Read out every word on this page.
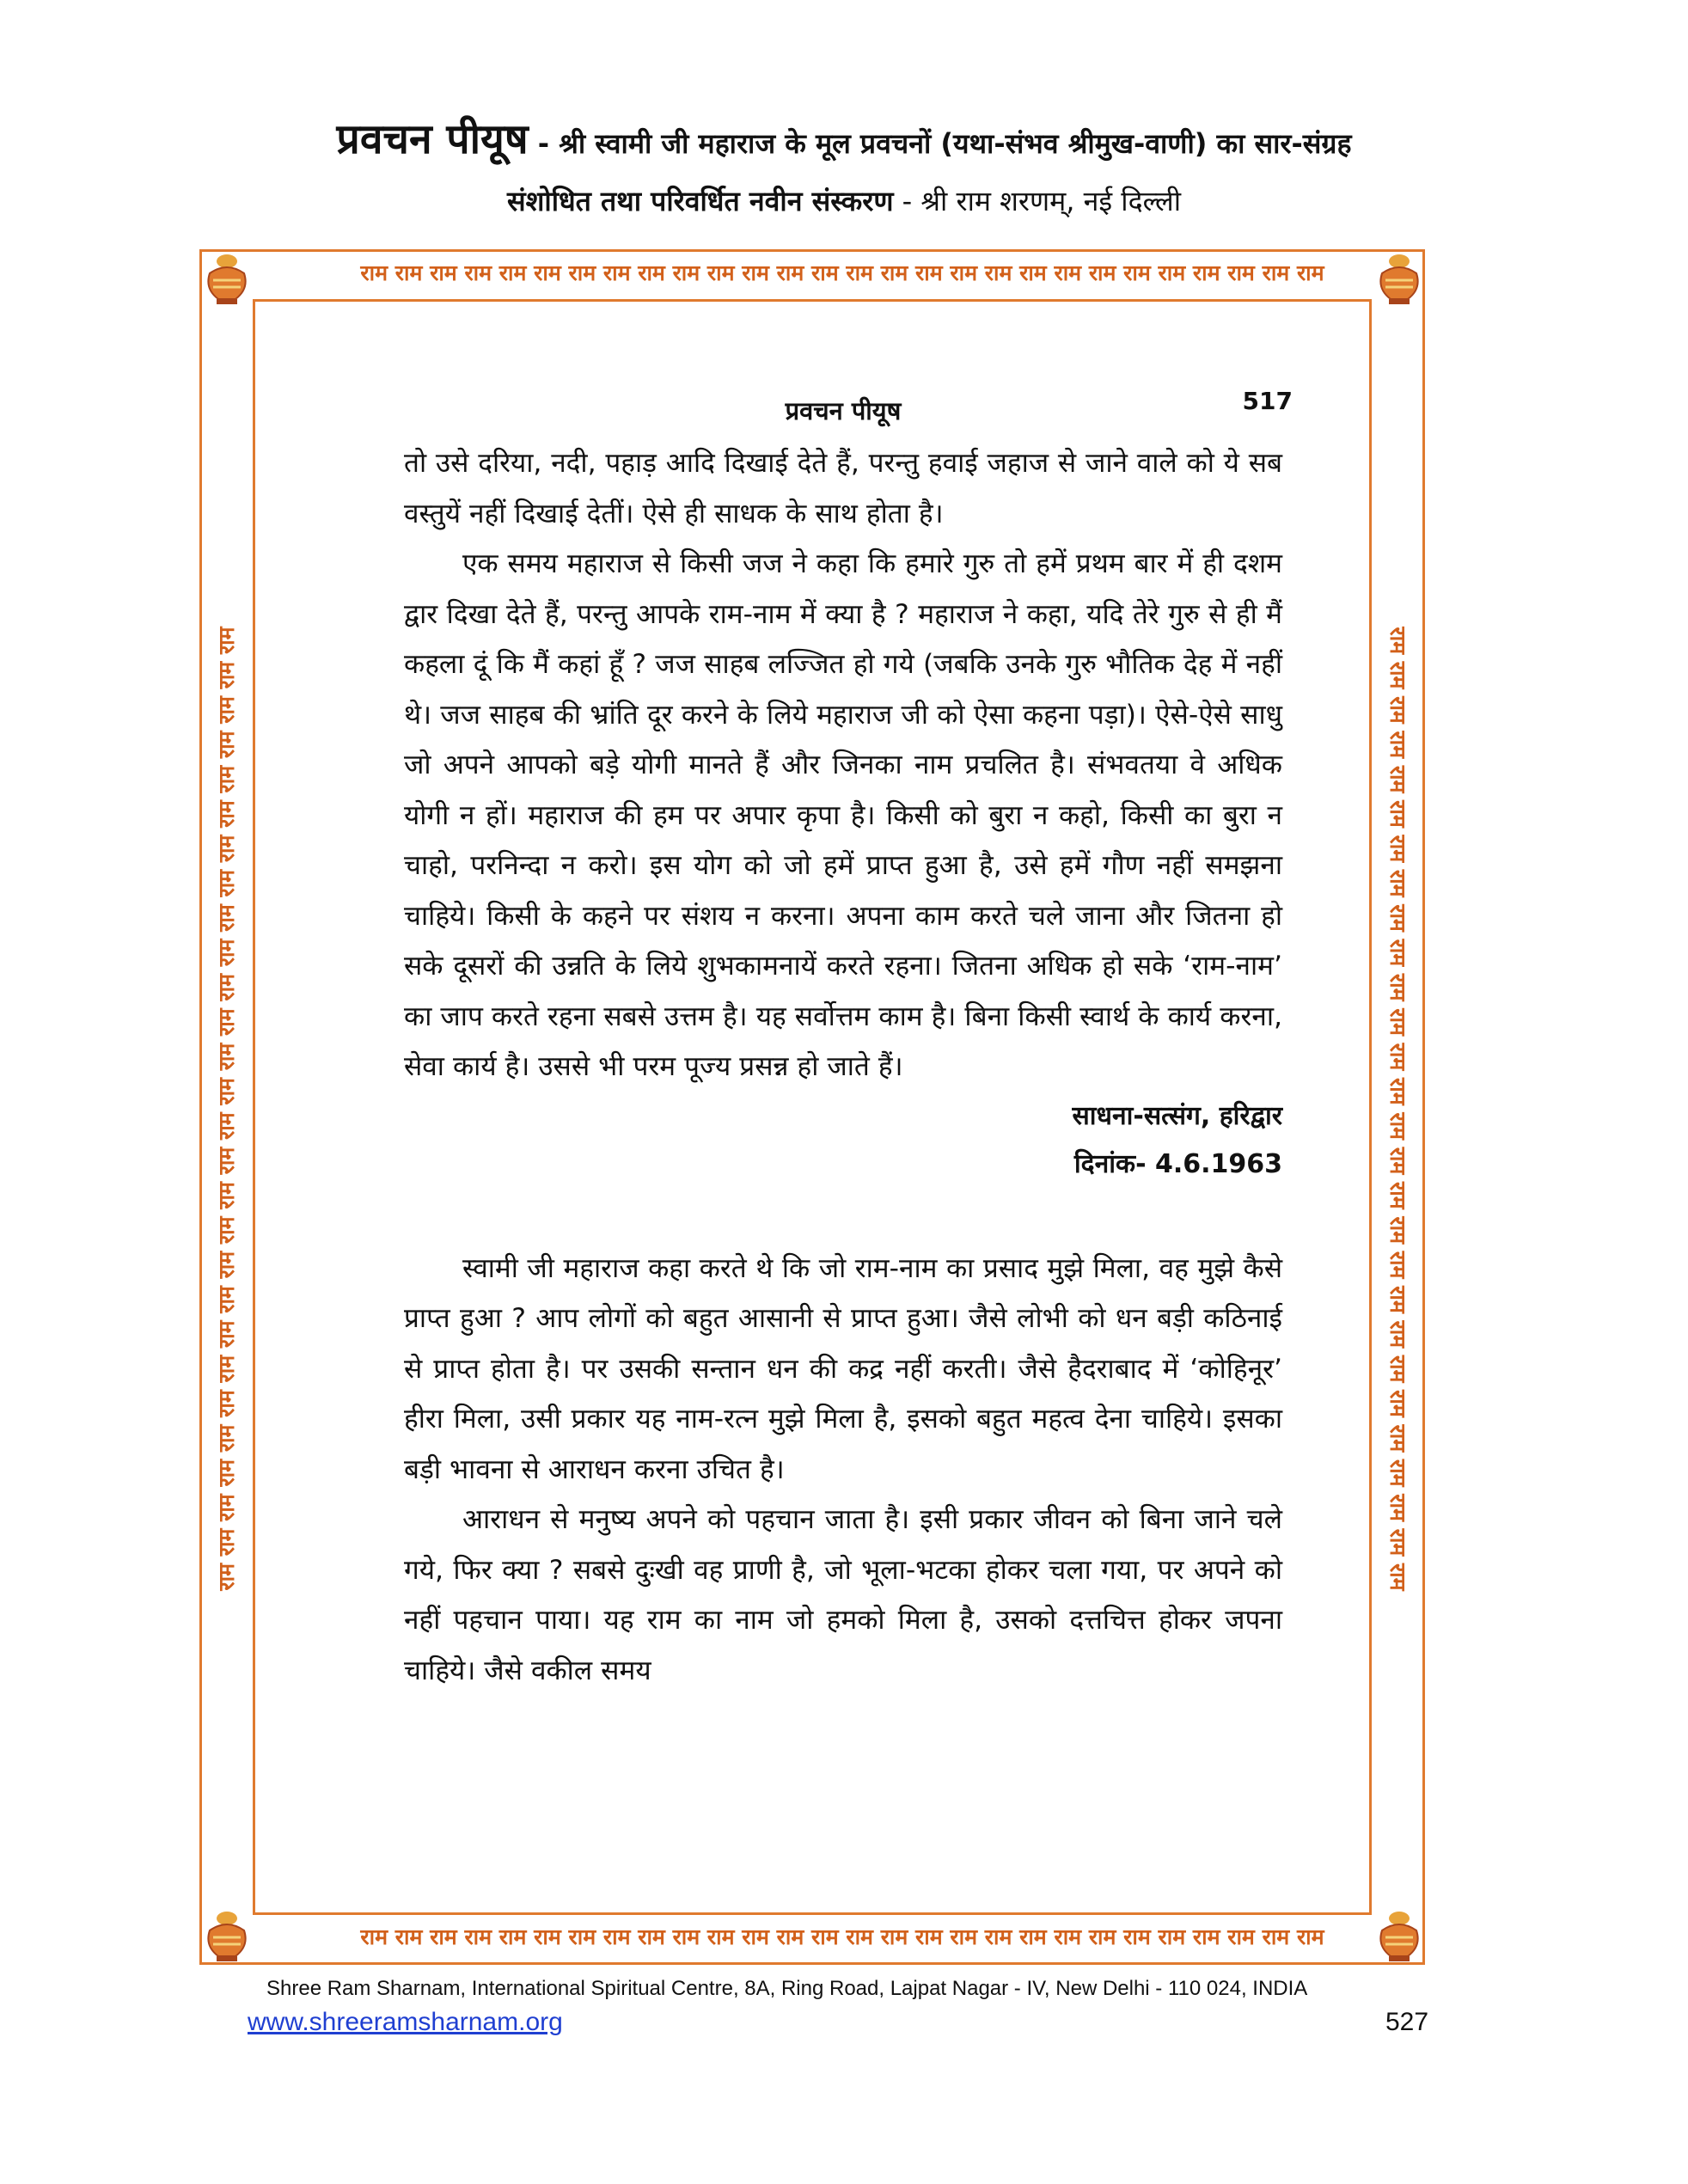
प्रवचन पीयूष - श्री स्वामी जी महाराज के मूल प्रवचनों (यथा-संभव श्रीमुख-वाणी) का सार-संग्रह
संशोधित तथा परिवर्धित नवीन संस्करण - श्री राम शरणम्, नई दिल्ली
राम राम राम राम राम राम राम राम राम राम राम राम राम राम राम राम राम राम राम राम राम राम राम राम राम राम राम राम
राम राम राम राम राम राम राम राम राम राम राम राम राम राम राम राम राम राम राम राम राम राम राम राम राम राम राम राम
राम राम राम राम राम राम राम राम राम राम राम राम राम राम राम राम राम राम राम राम राम राम राम राम राम राम राम राम	राम राम राम राम राम राम राम राम राम राम राम राम राम राम राम राम राम राम राम राम राम राम राम राम राम राम राम राम
प्रवचन पीयूष	517

तो उसे दरिया, नदी, पहाड़ आदि दिखाई देते हैं, परन्तु हवाई जहाज से जाने वाले को ये सब वस्तुयें नहीं दिखाई देतीं। ऐसे ही साधक के साथ होता है।

एक समय महाराज से किसी जज ने कहा कि हमारे गुरु तो हमें प्रथम बार में ही दशम द्वार दिखा देते हैं, परन्तु आपके राम-नाम में क्या है ? महाराज ने कहा, यदि तेरे गुरु से ही मैं कहला दूं कि मैं कहां हूँ ? जज साहब लज्जित हो गये (जबकि उनके गुरु भौतिक देह में नहीं थे। जज साहब की भ्रांति दूर करने के लिये महाराज जी को ऐसा कहना पड़ा)। ऐसे-ऐसे साधु जो अपने आपको बड़े योगी मानते हैं और जिनका नाम प्रचलित है। संभवतया वे अधिक योगी न हों। महाराज की हम पर अपार कृपा है। किसी को बुरा न कहो, किसी का बुरा न चाहो, परनिन्दा न करो। इस योग को जो हमें प्राप्त हुआ है, उसे हमें गौण नहीं समझना चाहिये। किसी के कहने पर संशय न करना। अपना काम करते चले जाना और जितना हो सके दूसरों की उन्नति के लिये शुभकामनायें करते रहना। जितना अधिक हो सके ‘राम-नाम’ का जाप करते रहना सबसे उत्तम है। यह सर्वोत्तम काम है। बिना किसी स्वार्थ के कार्य करना, सेवा कार्य है। उससे भी परम पूज्य प्रसन्न हो जाते हैं।

साधना-सत्संग, हरिद्वार

दिनांक- 4.6.1963

स्वामी जी महाराज कहा करते थे कि जो राम-नाम का प्रसाद मुझे मिला, वह मुझे कैसे प्राप्त हुआ ? आप लोगों को बहुत आसानी से प्राप्त हुआ। जैसे लोभी को धन बड़ी कठिनाई से प्राप्त होता है। पर उसकी सन्तान धन की कद्र नहीं करती। जैसे हैदराबाद में ‘कोहिनूर’ हीरा मिला, उसी प्रकार यह नाम-रत्न मुझे मिला है, इसको बहुत महत्व देना चाहिये। इसका बड़ी भावना से आराधन करना उचित है।

आराधन से मनुष्य अपने को पहचान जाता है। इसी प्रकार जीवन को बिना जाने चले गये, फिर क्या ? सबसे दुःखी वह प्राणी है, जो भूला-भटका होकर चला गया, पर अपने को नहीं पहचान पाया। यह राम का नाम जो हमको मिला है, उसको दत्तचित्त होकर जपना चाहिये। जैसे वकील समय

Shree Ram Sharnam, International Spiritual Centre, 8A, Ring Road, Lajpat Nagar - IV, New Delhi - 110 024, INDIA
www.shreeramsharnam.org	527
